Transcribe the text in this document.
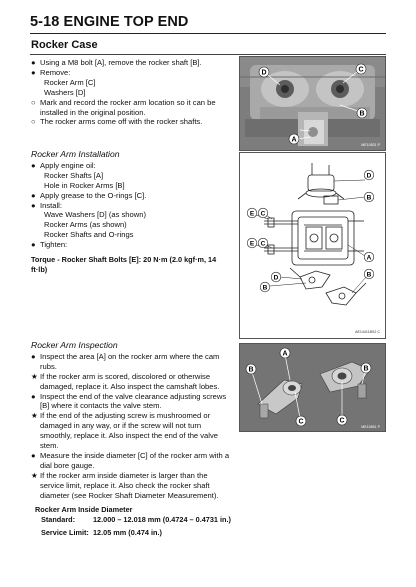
5-18 ENGINE TOP END
Rocker Case

● Using a M8 bolt [A], remove the rocker shaft [B].

● Remove:

Rocker Arm [C]

Washers [D]

○ Mark and record the rocker arm location so it can be installed in the original position.

○ The rocker arms come off with the rocker shafts.

Rocker Arm Installation

● Apply engine oil:

Rocker Shafts [A]

Hole in Rocker Arms [B]

● Apply grease to the O-rings [C].

● Install:

Wave Washers [D] (as shown)

Rocker Arms (as shown)

Rocker Shafts and O-rings

● Tighten:

Torque - Rocker Shaft Bolts [E]: 20 N·m (2.0 kgf·m, 14 ft·lb)

Rocker Arm Inspection

● Inspect the area [A] on the rocker arm where the cam rubs.

★ If the rocker arm is scored, discolored or otherwise damaged, replace it. Also inspect the camshaft lobes.

● Inspect the end of the valve clearance adjusting screws [B] where it contacts the valve stem.

★ If the end of the adjusting screw is mushroomed or damaged in any way, or if the screw will not turn smoothly, replace it. Also inspect the end of the valve stem.

● Measure the inside diameter [C] of the rocker arm with a dial bore gauge.

★ If the rocker arm inside diameter is larger than the service limit, replace it. Also check the rocker shaft diameter (see Rocker Shaft Diameter Measurement).

Rocker Arm Inside Diameter

Standard: 12.000 – 12.018 mm (0.4724 – 0.4731 in.)

Service Limit: 12.05 mm (0.474 in.)

D	C
B
A
ME10831 P
E C
E C
D
B
A
D	B
B
AE14411BS2 C
A
B	B
C	C
ME10851 P
